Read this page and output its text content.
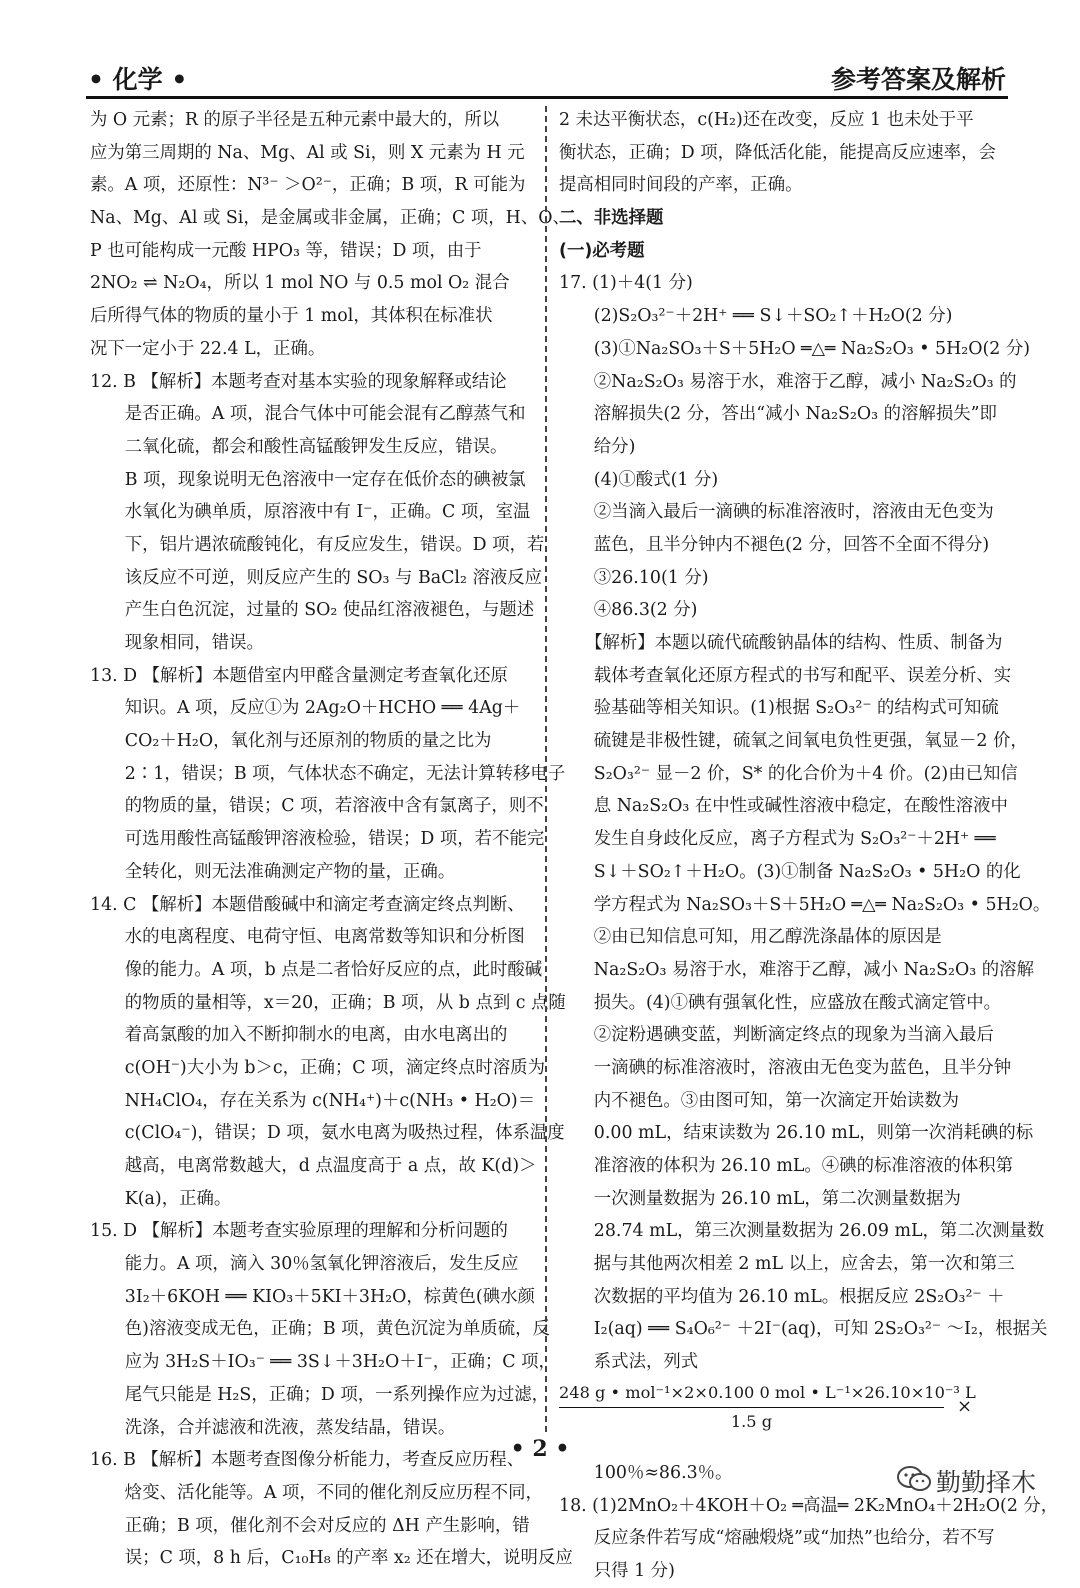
• 化学 •	参考答案及解析
为 O 元素；R 的原子半径是五种元素中最大的，所以
应为第三周期的 Na、Mg、Al 或 Si，则 X 元素为 H 元
素。A 项，还原性：N³⁻ ＞O²⁻，正确；B 项，R 可能为
Na、Mg、Al 或 Si，是金属或非金属，正确；C 项，H、O、
P 也可能构成一元酸 HPO₃ 等，错误；D 项，由于
2NO₂ ⇌ N₂O₄，所以 1 mol NO 与 0.5 mol O₂ 混合
后所得气体的物质的量小于 1 mol，其体积在标准状
况下一定小于 22.4 L，正确。
12. B 【解析】本题考查对基本实验的现象解释或结论
　　是否正确。A 项，混合气体中可能会混有乙醇蒸气和
　　二氧化硫，都会和酸性高锰酸钾发生反应，错误。
　　B 项，现象说明无色溶液中一定存在低价态的碘被氯
　　水氧化为碘单质，原溶液中有 I⁻，正确。C 项，室温
　　下，铝片遇浓硫酸钝化，有反应发生，错误。D 项，若
　　该反应不可逆，则反应产生的 SO₃ 与 BaCl₂ 溶液反应
　　产生白色沉淀，过量的 SO₂ 使品红溶液褪色，与题述
　　现象相同，错误。
13. D 【解析】本题借室内甲醛含量测定考查氧化还原
　　知识。A 项，反应①为 2Ag₂O＋HCHO ══ 4Ag＋
　　CO₂＋H₂O，氧化剂与还原剂的物质的量之比为
　　2∶1，错误；B 项，气体状态不确定，无法计算转移电子
　　的物质的量，错误；C 项，若溶液中含有氯离子，则不
　　可选用酸性高锰酸钾溶液检验，错误；D 项，若不能完
　　全转化，则无法准确测定产物的量，正确。
14. C 【解析】本题借酸碱中和滴定考查滴定终点判断、
　　水的电离程度、电荷守恒、电离常数等知识和分析图
　　像的能力。A 项，b 点是二者恰好反应的点，此时酸碱
　　的物质的量相等，x＝20，正确；B 项，从 b 点到 c 点随
　　着高氯酸的加入不断抑制水的电离，由水电离出的
　　c(OH⁻)大小为 b＞c，正确；C 项，滴定终点时溶质为
　　NH₄ClO₄，存在关系为 c(NH₄⁺)＋c(NH₃ • H₂O)＝
　　c(ClO₄⁻)，错误；D 项，氨水电离为吸热过程，体系温度
　　越高，电离常数越大，d 点温度高于 a 点，故 K(d)＞
　　K(a)，正确。
15. D 【解析】本题考查实验原理的理解和分析问题的
　　能力。A 项，滴入 30％氢氧化钾溶液后，发生反应
　　3I₂＋6KOH ══ KIO₃＋5KI＋3H₂O，棕黄色(碘水颜
　　色)溶液变成无色，正确；B 项，黄色沉淀为单质硫，反
　　应为 3H₂S＋IO₃⁻ ══ 3S↓＋3H₂O＋I⁻，正确；C 项，
　　尾气只能是 H₂S，正确；D 项，一系列操作应为过滤，
　　洗涤，合并滤液和洗液，蒸发结晶，错误。
16. B 【解析】本题考查图像分析能力，考查反应历程、
　　焓变、活化能等。A 项，不同的催化剂反应历程不同，
　　正确；B 项，催化剂不会对反应的 ΔH 产生影响，错
　　误；C 项，8 h 后，C₁₀H₈ 的产率 x₂ 还在增大，说明反应
2 未达平衡状态，c(H₂)还在改变，反应 1 也未处于平
衡状态，正确；D 项，降低活化能，能提高反应速率，会
提高相同时间段的产率，正确。
二、非选择题
(一)必考题
17. (1)＋4(1 分)
　　(2)S₂O₃²⁻＋2H⁺ ══ S↓＋SO₂↑＋H₂O(2 分)
　　(3)①Na₂SO₃＋S＋5H₂O ═△═ Na₂S₂O₃ • 5H₂O(2 分)
　　②Na₂S₂O₃ 易溶于水，难溶于乙醇，减小 Na₂S₂O₃ 的
　　溶解损失(2 分，答出“减小 Na₂S₂O₃ 的溶解损失”即
　　给分)
　　(4)①酸式(1 分)
　　②当滴入最后一滴碘的标准溶液时，溶液由无色变为
　　蓝色，且半分钟内不褪色(2 分，回答不全面不得分)
　　③26.10(1 分)
　　④86.3(2 分)
　　【解析】本题以硫代硫酸钠晶体的结构、性质、制备为
　　载体考查氧化还原方程式的书写和配平、误差分析、实
　　验基础等相关知识。(1)根据 S₂O₃²⁻ 的结构式可知硫
　　硫键是非极性键，硫氧之间氧电负性更强，氧显－2 价，
　　S₂O₃²⁻ 显－2 价，S* 的化合价为＋4 价。(2)由已知信
　　息 Na₂S₂O₃ 在中性或碱性溶液中稳定，在酸性溶液中
　　发生自身歧化反应，离子方程式为 S₂O₃²⁻＋2H⁺ ══
　　S↓＋SO₂↑＋H₂O。(3)①制备 Na₂S₂O₃ • 5H₂O 的化
　　学方程式为 Na₂SO₃＋S＋5H₂O ═△═ Na₂S₂O₃ • 5H₂O。
　　②由已知信息可知，用乙醇洗涤晶体的原因是
　　Na₂S₂O₃ 易溶于水，难溶于乙醇，减小 Na₂S₂O₃ 的溶解
　　损失。(4)①碘有强氧化性，应盛放在酸式滴定管中。
　　②淀粉遇碘变蓝，判断滴定终点的现象为当滴入最后
　　一滴碘的标准溶液时，溶液由无色变为蓝色，且半分钟
　　内不褪色。③由图可知，第一次滴定开始读数为
　　0.00 mL，结束读数为 26.10 mL，则第一次消耗碘的标
　　准溶液的体积为 26.10 mL。④碘的标准溶液的体积第
　　一次测量数据为 26.10 mL，第二次测量数据为
　　28.74 mL，第三次测量数据为 26.09 mL，第二次测量数
　　据与其他两次相差 2 mL 以上，应舍去，第一次和第三
　　次数据的平均值为 26.10 mL。根据反应 2S₂O₃²⁻ ＋
　　I₂(aq) ══ S₄O₆²⁻ ＋2I⁻(aq)，可知 2S₂O₃²⁻ ～I₂，根据关
　　系式法，列式
248 g • mol⁻¹×2×0.100 0 mol • L⁻¹×26.10×10⁻³ L
1.5 g
×
　　100％≈86.3％。
18. (1)2MnO₂＋4KOH＋O₂ ═高温═ 2K₂MnO₄＋2H₂O(2 分，
　　反应条件若写成“熔融煅烧”或“加热”也给分，若不写
　　只得 1 分)
• 2 •
勤勤择木
